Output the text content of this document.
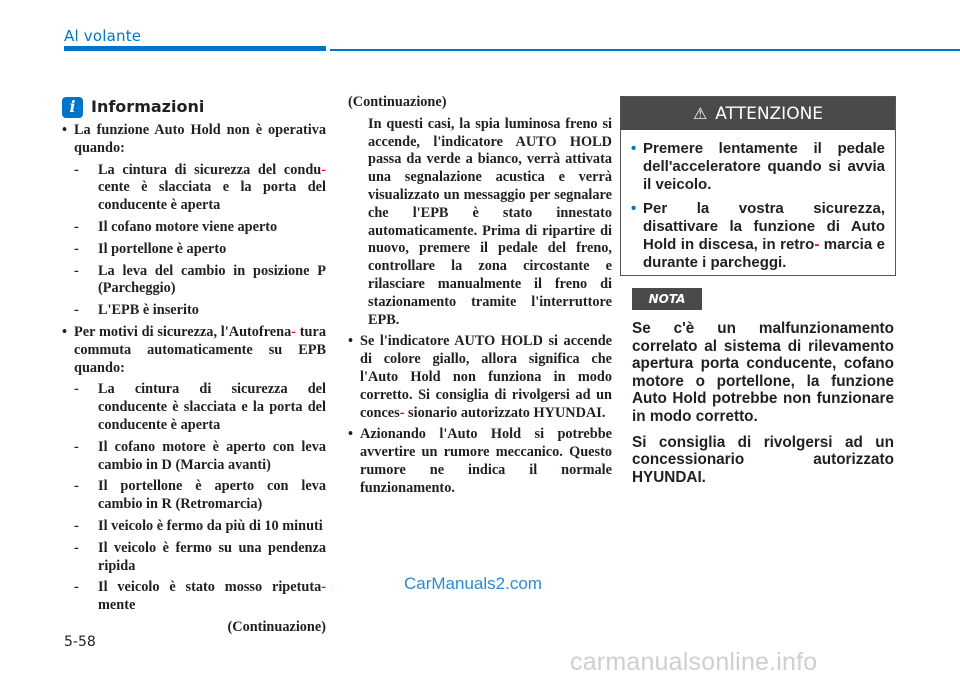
Al volante
i Informazioni

• La funzione Auto Hold non è operativa quando:

- La cintura di sicurezza del condu- cente è slacciata e la porta del conducente è aperta

- Il cofano motore viene aperto

- Il portellone è aperto

- La leva del cambio in posizione P (Parcheggio)

- L'EPB è inserito

• Per motivi di sicurezza, l'Autofrena- tura commuta automaticamente su EPB quando:

- La cintura di sicurezza del conducente è slacciata e la porta del conducente è aperta

- Il cofano motore è aperto con leva cambio in D (Marcia avanti)

- Il portellone è aperto con leva cambio in R (Retromarcia)

- Il veicolo è fermo da più di 10 minuti

- Il veicolo è fermo su una pendenza ripida

- Il veicolo è stato mosso ripetuta- mente

(Continuazione)

(Continuazione)

In questi casi, la spia luminosa freno si accende, l'indicatore AUTO HOLD passa da verde a bianco, verrà attivata una segnalazione acustica e verrà visualizzato un messaggio per segnalare che l'EPB è stato innestato automaticamente. Prima di ripartire di nuovo, premere il pedale del freno, controllare la zona circostante e rilasciare manualmente il freno di stazionamento tramite l'interruttore EPB.

• Se l'indicatore AUTO HOLD si accende di colore giallo, allora significa che l'Auto Hold non funziona in modo corretto. Si consiglia di rivolgersi ad un conces- sionario autorizzato HYUNDAI.

• Azionando l'Auto Hold si potrebbe avvertire un rumore meccanico. Questo rumore ne indica il normale funzionamento.

⚠ ATTENZIONE

• Premere lentamente il pedale dell'acceleratore quando si avvia il veicolo.

• Per la vostra sicurezza, disattivare la funzione di Auto Hold in discesa, in retro- marcia e durante i parcheggi.

NOTA

Se c'è un malfunzionamento correlato al sistema di rilevamento apertura porta conducente, cofano motore o portellone, la funzione Auto Hold potrebbe non funzionare in modo corretto.

Si consiglia di rivolgersi ad un concessionario autorizzato HYUNDAI.

CarManuals2.com
carmanualsonline.info
5-58
